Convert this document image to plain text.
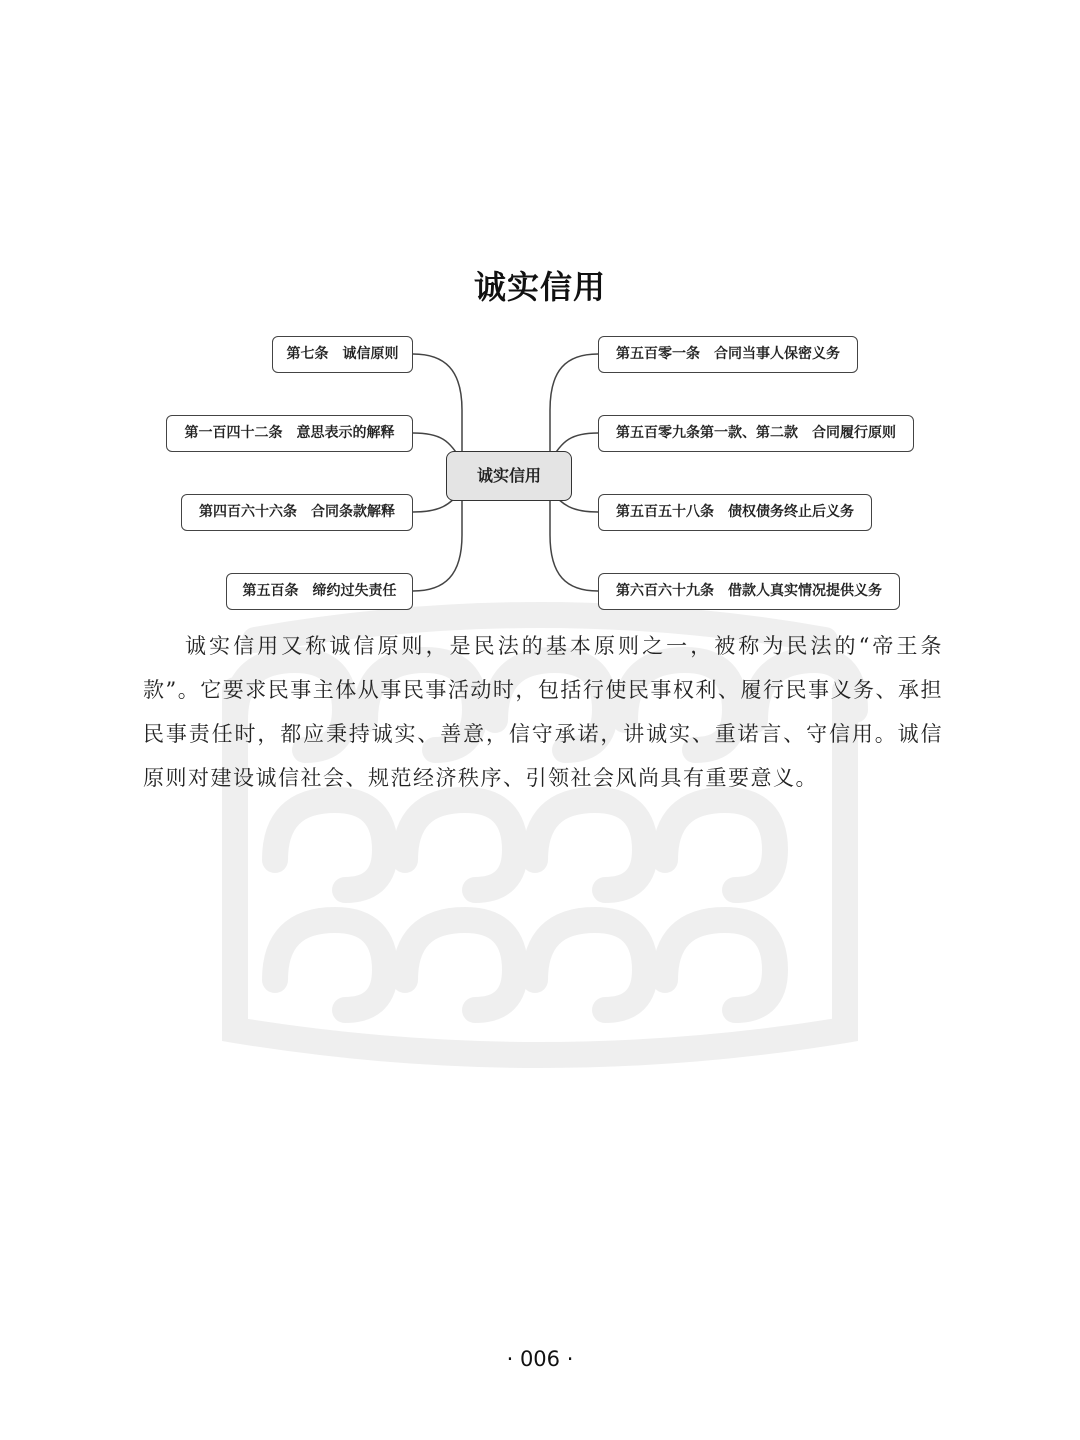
诚实信用
诚实信用
第七条　诚信原则
第一百四十二条　意思表示的解释
第四百六十六条　合同条款解释
第五百条　缔约过失责任
第五百零一条　合同当事人保密义务
第五百零九条第一款、第二款　合同履行原则
第五百五十八条　债权债务终止后义务
第六百六十九条　借款人真实情况提供义务

诚实信用又称诚信原则，是民法的基本原则之一，被称为民法的“帝王条款”。它要求民事主体从事民事活动时，包括行使民事权利、履行民事义务、承担民事责任时，都应秉持诚实、善意，信守承诺，讲诚实、重诺言、守信用。诚信原则对建设诚信社会、规范经济秩序、引领社会风尚具有重要意义。

· 006 ·
